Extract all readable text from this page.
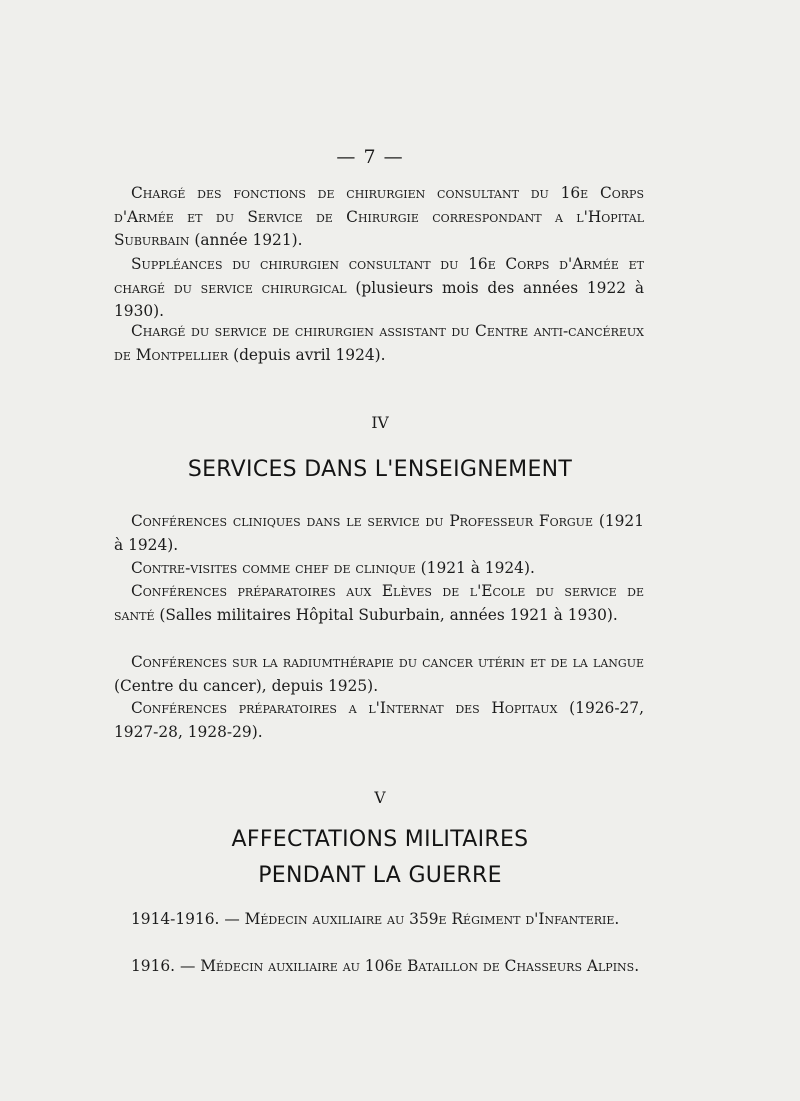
— 7 —
Chargé des fonctions de chirurgien consultant du 16e Corps d'Armée et du Service de Chirurgie correspondant a l'Hopital Suburbain (année 1921).
Suppléances du chirurgien consultant du 16e Corps d'Armée et chargé du service chirurgical (plusieurs mois des années 1922 à 1930).
Chargé du service de chirurgien assistant du Centre anti-cancéreux de Montpellier (depuis avril 1924).
IV
SERVICES DANS L'ENSEIGNEMENT
Conférences cliniques dans le service du Professeur Forgue (1921 à 1924).
Contre-visites comme chef de clinique (1921 à 1924).
Conférences préparatoires aux Elèves de l'Ecole du service de santé (Salles militaires Hôpital Suburbain, années 1921 à 1930).
Conférences sur la radiumthérapie du cancer utérin et de la langue (Centre du cancer), depuis 1925).
Conférences préparatoires a l'Internat des Hopitaux (1926-27, 1927-28, 1928-29).
V
AFFECTATIONS MILITAIRES
PENDANT LA GUERRE
1914-1916. — Médecin auxiliaire au 359e Régiment d'Infanterie.
1916. — Médecin auxiliaire au 106e Bataillon de Chasseurs Alpins.
